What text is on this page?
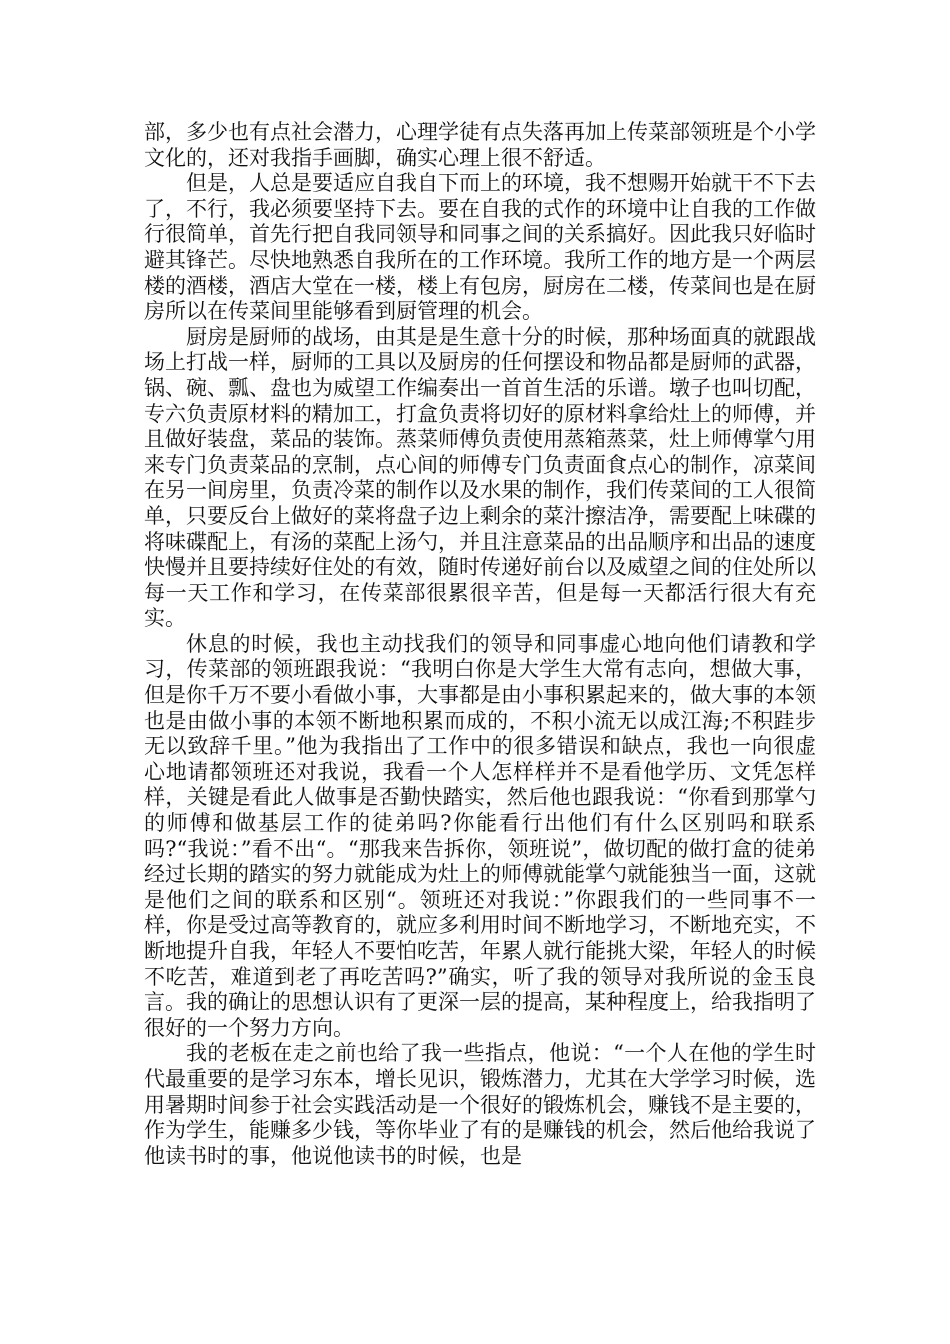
部，多少也有点社会潜力，心理学徒有点失落再加上传菜部领班是个小学文化的，还对我指手画脚，确实心理上很不舒适。

但是，人总是要适应自我自下而上的环境，我不想赐开始就干不下去了，不行，我必须要坚持下去。要在自我的式作的环境中让自我的工作做行很简单，首先行把自我同领导和同事之间的关系搞好。因此我只好临时避其锋芒。尽快地熟悉自我所在的工作环境。我所工作的地方是一个两层楼的酒楼，酒店大堂在一楼，楼上有包房，厨房在二楼，传菜间也是在厨房所以在传菜间里能够看到厨管理的机会。

厨房是厨师的战场，由其是是生意十分的时候，那种场面真的就跟战场上打战一样，厨师的工具以及厨房的任何摆设和物品都是厨师的武器，锅、碗、瓢、盘也为威望工作编奏出一首首生活的乐谱。墩子也叫切配，专六负责原材料的精加工，打盒负责将切好的原材料拿给灶上的师傅，并且做好装盘，菜品的装饰。蒸菜师傅负责使用蒸箱蒸菜，灶上师傅掌勺用来专门负责菜品的烹制，点心间的师傅专门负责面食点心的制作，凉菜间在另一间房里，负责冷菜的制作以及水果的制作，我们传菜间的工人很简单，只要反台上做好的菜将盘子边上剩余的菜汁擦洁净，需要配上味碟的将味碟配上，有汤的菜配上汤勺，并且注意菜品的出品顺序和出品的速度快慢并且要持续好住处的有效，随时传递好前台以及威望之间的住处所以每一天工作和学习，在传菜部很累很辛苦，但是每一天都活行很大有充实。

休息的时候，我也主动找我们的领导和同事虚心地向他们请教和学习，传菜部的领班跟我说：“我明白你是大学生大常有志向，想做大事，但是你千万不要小看做小事，大事都是由小事积累起来的，做大事的本领也是由做小事的本领不断地积累而成的，不积小流无以成江海;不积跬步无以致辞千里。”他为我指出了工作中的很多错误和缺点，我也一向很虚心地请都领班还对我说，我看一个人怎样样并不是看他学历、文凭怎样样，关键是看此人做事是否勤快踏实，然后他也跟我说：“你看到那掌勺的师傅和做基层工作的徒弟吗?你能看行出他们有什么区别吗和联系吗?“我说：”看不出“。“那我来告拆你，领班说”，做切配的做打盒的徒弟经过长期的踏实的努力就能成为灶上的师傅就能掌勺就能独当一面，这就是他们之间的联系和区别“。领班还对我说：”你跟我们的一些同事不一样，你是受过高等教育的，就应多利用时间不断地学习，不断地充实，不断地提升自我，年轻人不要怕吃苦，年累人就行能挑大梁，年轻人的时候不吃苦，难道到老了再吃苦吗?”确实，听了我的领导对我所说的金玉良言。我的确让的思想认识有了更深一层的提高，某种程度上，给我指明了很好的一个努力方向。

我的老板在走之前也给了我一些指点，他说：“一个人在他的学生时代最重要的是学习东本，增长见识，锻炼潜力，尤其在大学学习时候，选用暑期时间参于社会实践活动是一个很好的锻炼机会，赚钱不是主要的，作为学生，能赚多少钱，等你毕业了有的是赚钱的机会，然后他给我说了他读书时的事，他说他读书的时候，也是
